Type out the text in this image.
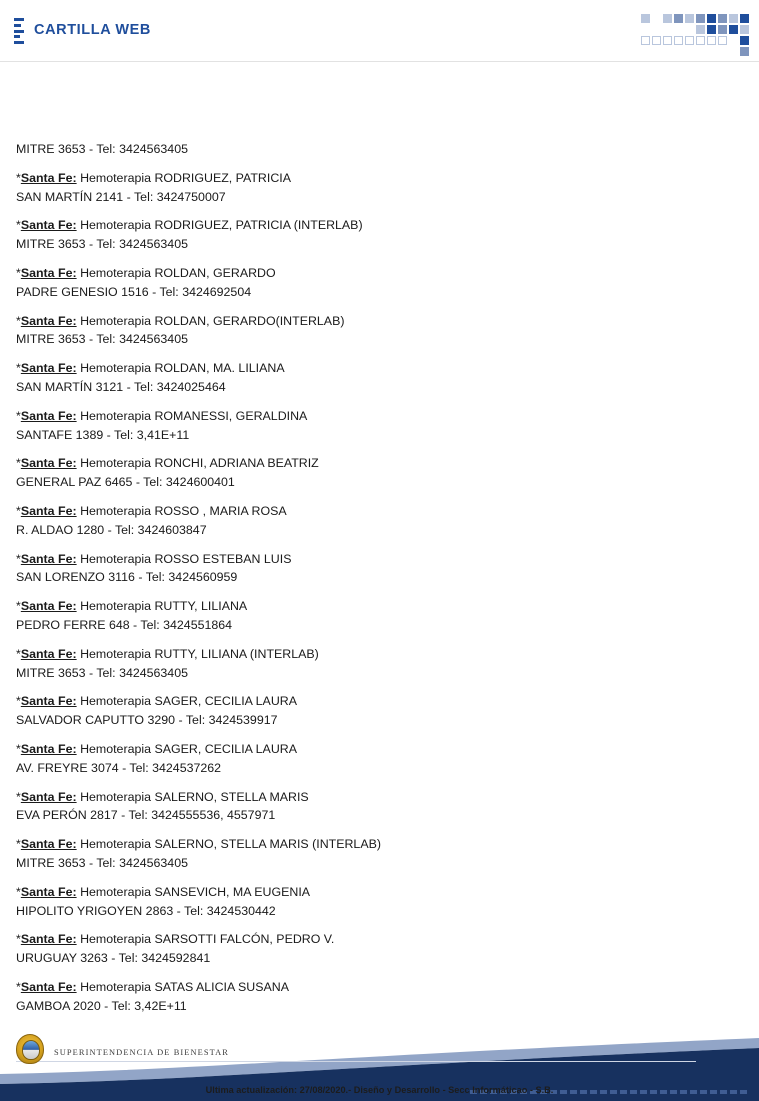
CARTILLA WEB
MITRE 3653 - Tel: 3424563405
*Santa Fe: Hemoterapia RODRIGUEZ, PATRICIA
SAN MARTÍN 2141 - Tel: 3424750007
*Santa Fe: Hemoterapia RODRIGUEZ, PATRICIA (INTERLAB)
MITRE 3653 - Tel: 3424563405
*Santa Fe: Hemoterapia ROLDAN, GERARDO
PADRE GENESIO 1516 - Tel: 3424692504
*Santa Fe: Hemoterapia ROLDAN, GERARDO(INTERLAB)
MITRE 3653 - Tel: 3424563405
*Santa Fe: Hemoterapia ROLDAN, MA. LILIANA
SAN MARTÍN 3121 - Tel: 3424025464
*Santa Fe: Hemoterapia ROMANESSI, GERALDINA
SANTAFE 1389 - Tel: 3,41E+11
*Santa Fe: Hemoterapia RONCHI, ADRIANA BEATRIZ
GENERAL PAZ 6465 - Tel: 3424600401
*Santa Fe: Hemoterapia ROSSO , MARIA ROSA
R. ALDAO 1280 - Tel: 3424603847
*Santa Fe: Hemoterapia ROSSO ESTEBAN LUIS
SAN LORENZO 3116 - Tel: 3424560959
*Santa Fe: Hemoterapia RUTTY, LILIANA
PEDRO FERRE 648 - Tel: 3424551864
*Santa Fe: Hemoterapia RUTTY, LILIANA (INTERLAB)
MITRE 3653 - Tel: 3424563405
*Santa Fe: Hemoterapia SAGER, CECILIA LAURA
SALVADOR CAPUTTO 3290 - Tel: 3424539917
*Santa Fe: Hemoterapia SAGER, CECILIA LAURA
AV. FREYRE 3074 - Tel: 3424537262
*Santa Fe: Hemoterapia SALERNO, STELLA MARIS
EVA PERÓN 2817 - Tel: 3424555536, 4557971
*Santa Fe: Hemoterapia SALERNO, STELLA MARIS (INTERLAB)
MITRE 3653 - Tel: 3424563405
*Santa Fe: Hemoterapia SANSEVICH, MA EUGENIA
HIPOLITO YRIGOYEN 2863 - Tel: 3424530442
*Santa Fe: Hemoterapia SARSOTTI FALCÓN, PEDRO V.
URUGUAY 3263 - Tel: 3424592841
*Santa Fe: Hemoterapia SATAS ALICIA SUSANA
GAMBOA 2020 - Tel: 3,42E+11
SUPERINTENDENCIA DE BIENESTAR
Ultima actualización: 27/08/2020.- Diseño y Desarrollo - Secc Informáticao - S.B.
